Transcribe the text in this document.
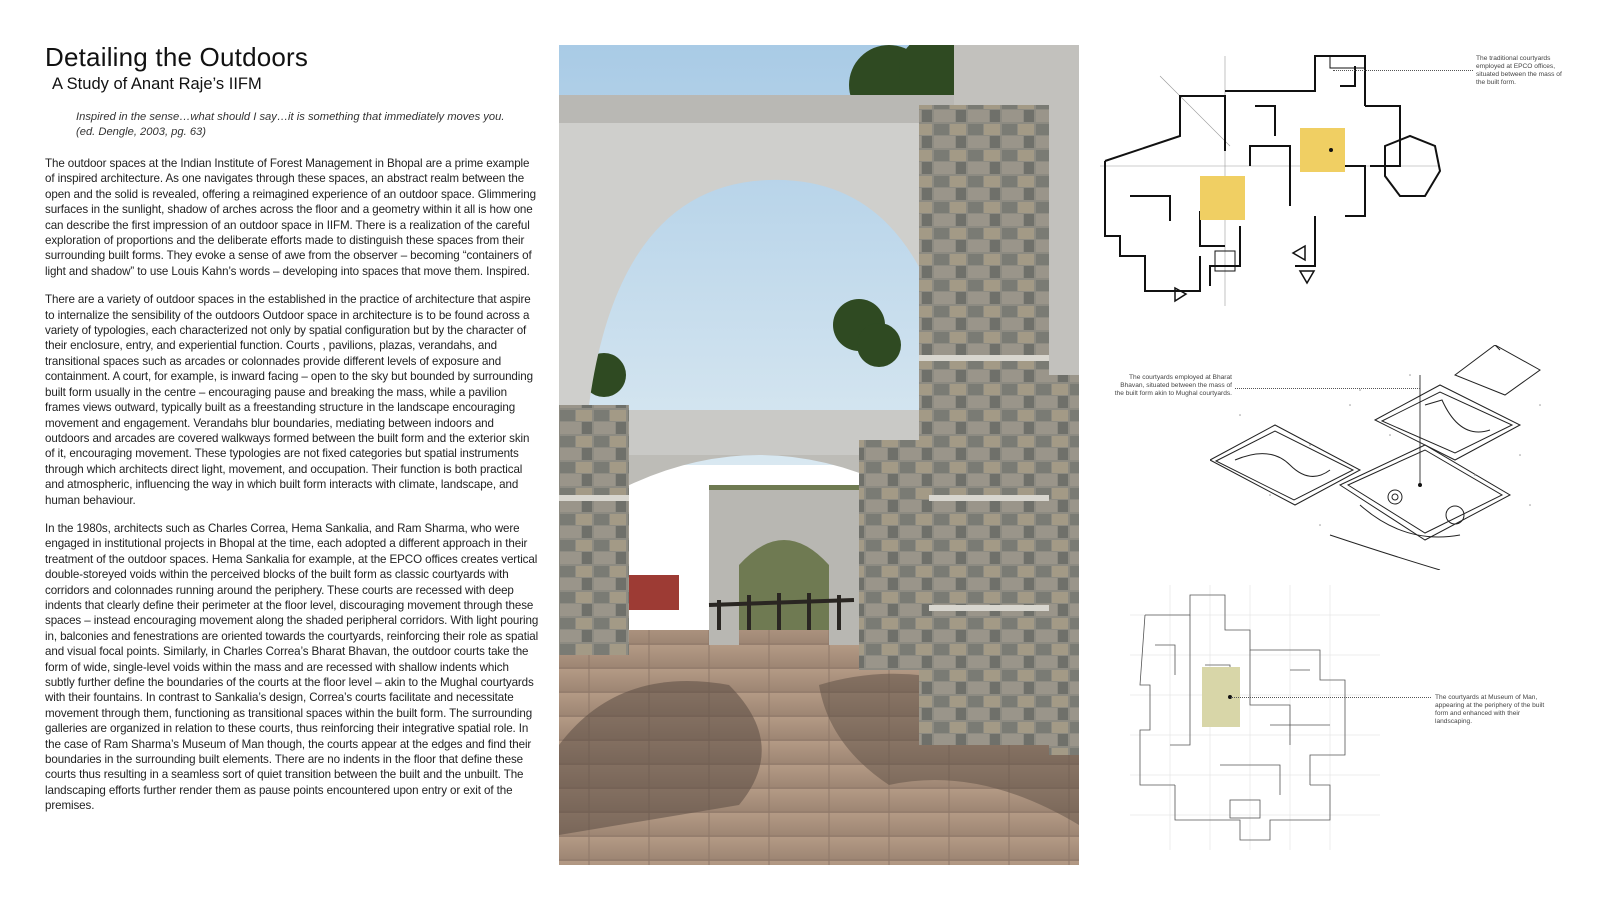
Detailing the Outdoors
A Study of Anant Raje’s IIFM
Inspired in the sense…what should I say…it is something that immediately moves you.
(ed. Dengle, 2003, pg. 63)

The outdoor spaces at the Indian Institute of Forest Management in Bhopal are a prime example of inspired architecture. As one navigates through these spaces, an abstract realm between the open and the solid is revealed, offering a reimagined experience of an outdoor space. Glimmering surfaces in the sunlight, shadow of arches across the floor and a geometry within it all is how one can describe the first impression of an outdoor space in IIFM. There is a realization of the careful exploration of proportions and the deliberate efforts made to distinguish these spaces from their surrounding built forms. They evoke a sense of awe from the observer – becoming “containers of light and shadow” to use Louis Kahn’s words – developing into spaces that move them. Inspired.

There are a variety of outdoor spaces in the established in the practice of architecture that aspire to internalize the sensibility of the outdoors Outdoor space in architecture is to be found across a variety of typologies, each characterized not only by spatial configuration but by the character of their enclosure, entry, and experiential function. Courts , pavilions, plazas, verandahs, and transitional spaces such as arcades or colonnades provide different levels of exposure and containment. A court, for example, is inward facing – open to the sky but bounded by surrounding built form usually in the centre – encouraging pause and breaking the mass, while a pavilion frames views outward, typically built as a freestanding structure in the landscape encouraging movement and engagement. Verandahs blur boundaries, mediating between indoors and outdoors and arcades are covered walkways formed between the built form and the exterior skin of it, encouraging movement. These typologies are not fixed categories but spatial instruments through which architects direct light, movement, and occupation. Their function is both practical and atmospheric, influencing the way in which built form interacts with climate, landscape, and human behaviour.

In the 1980s, architects such as Charles Correa, Hema Sankalia, and Ram Sharma, who were engaged in institutional projects in Bhopal at the time, each adopted a different approach in their treatment of the outdoor spaces. Hema Sankalia for example, at the EPCO offices creates vertical double-storeyed voids within the perceived blocks of the built form as classic courtyards with corridors and colonnades running around the periphery. These courts are recessed with deep indents that clearly define their perimeter at the floor level, discouraging movement through these spaces – instead encouraging movement along the shaded peripheral corridors. With light pouring in, balconies and fenestrations are oriented towards the courtyards, reinforcing their role as spatial and visual focal points. Similarly, in Charles Correa’s Bharat Bhavan, the outdoor courts take the form of wide, single-level voids within the mass and are recessed with shallow indents which subtly further define the boundaries of the courts at the floor level – akin to the Mughal courtyards with their fountains. In contrast to Sankalia’s design, Correa’s courts facilitate and necessitate movement through them, functioning as transitional spaces within the built form. The surrounding galleries are organized in relation to these courts, thus reinforcing their integrative spatial role. In the case of Ram Sharma’s Museum of Man though, the courts appear at the edges and find their boundaries in the surrounding built elements. There are no indents in the floor that define these courts thus resulting in a seamless sort of quiet transition between the built and the unbuilt. The landscaping efforts further render them as pause points encountered upon entry or exit of the premises.

The traditional courtyards employed at EPCO offices, situated between the mass of the built form.
The courtyards employed at Bharat Bhavan, situated between the mass of the built form akin to Mughal courtyards.
The courtyards at Museum of Man, appearing at the periphery of the built form and enhanced with their landscaping.
